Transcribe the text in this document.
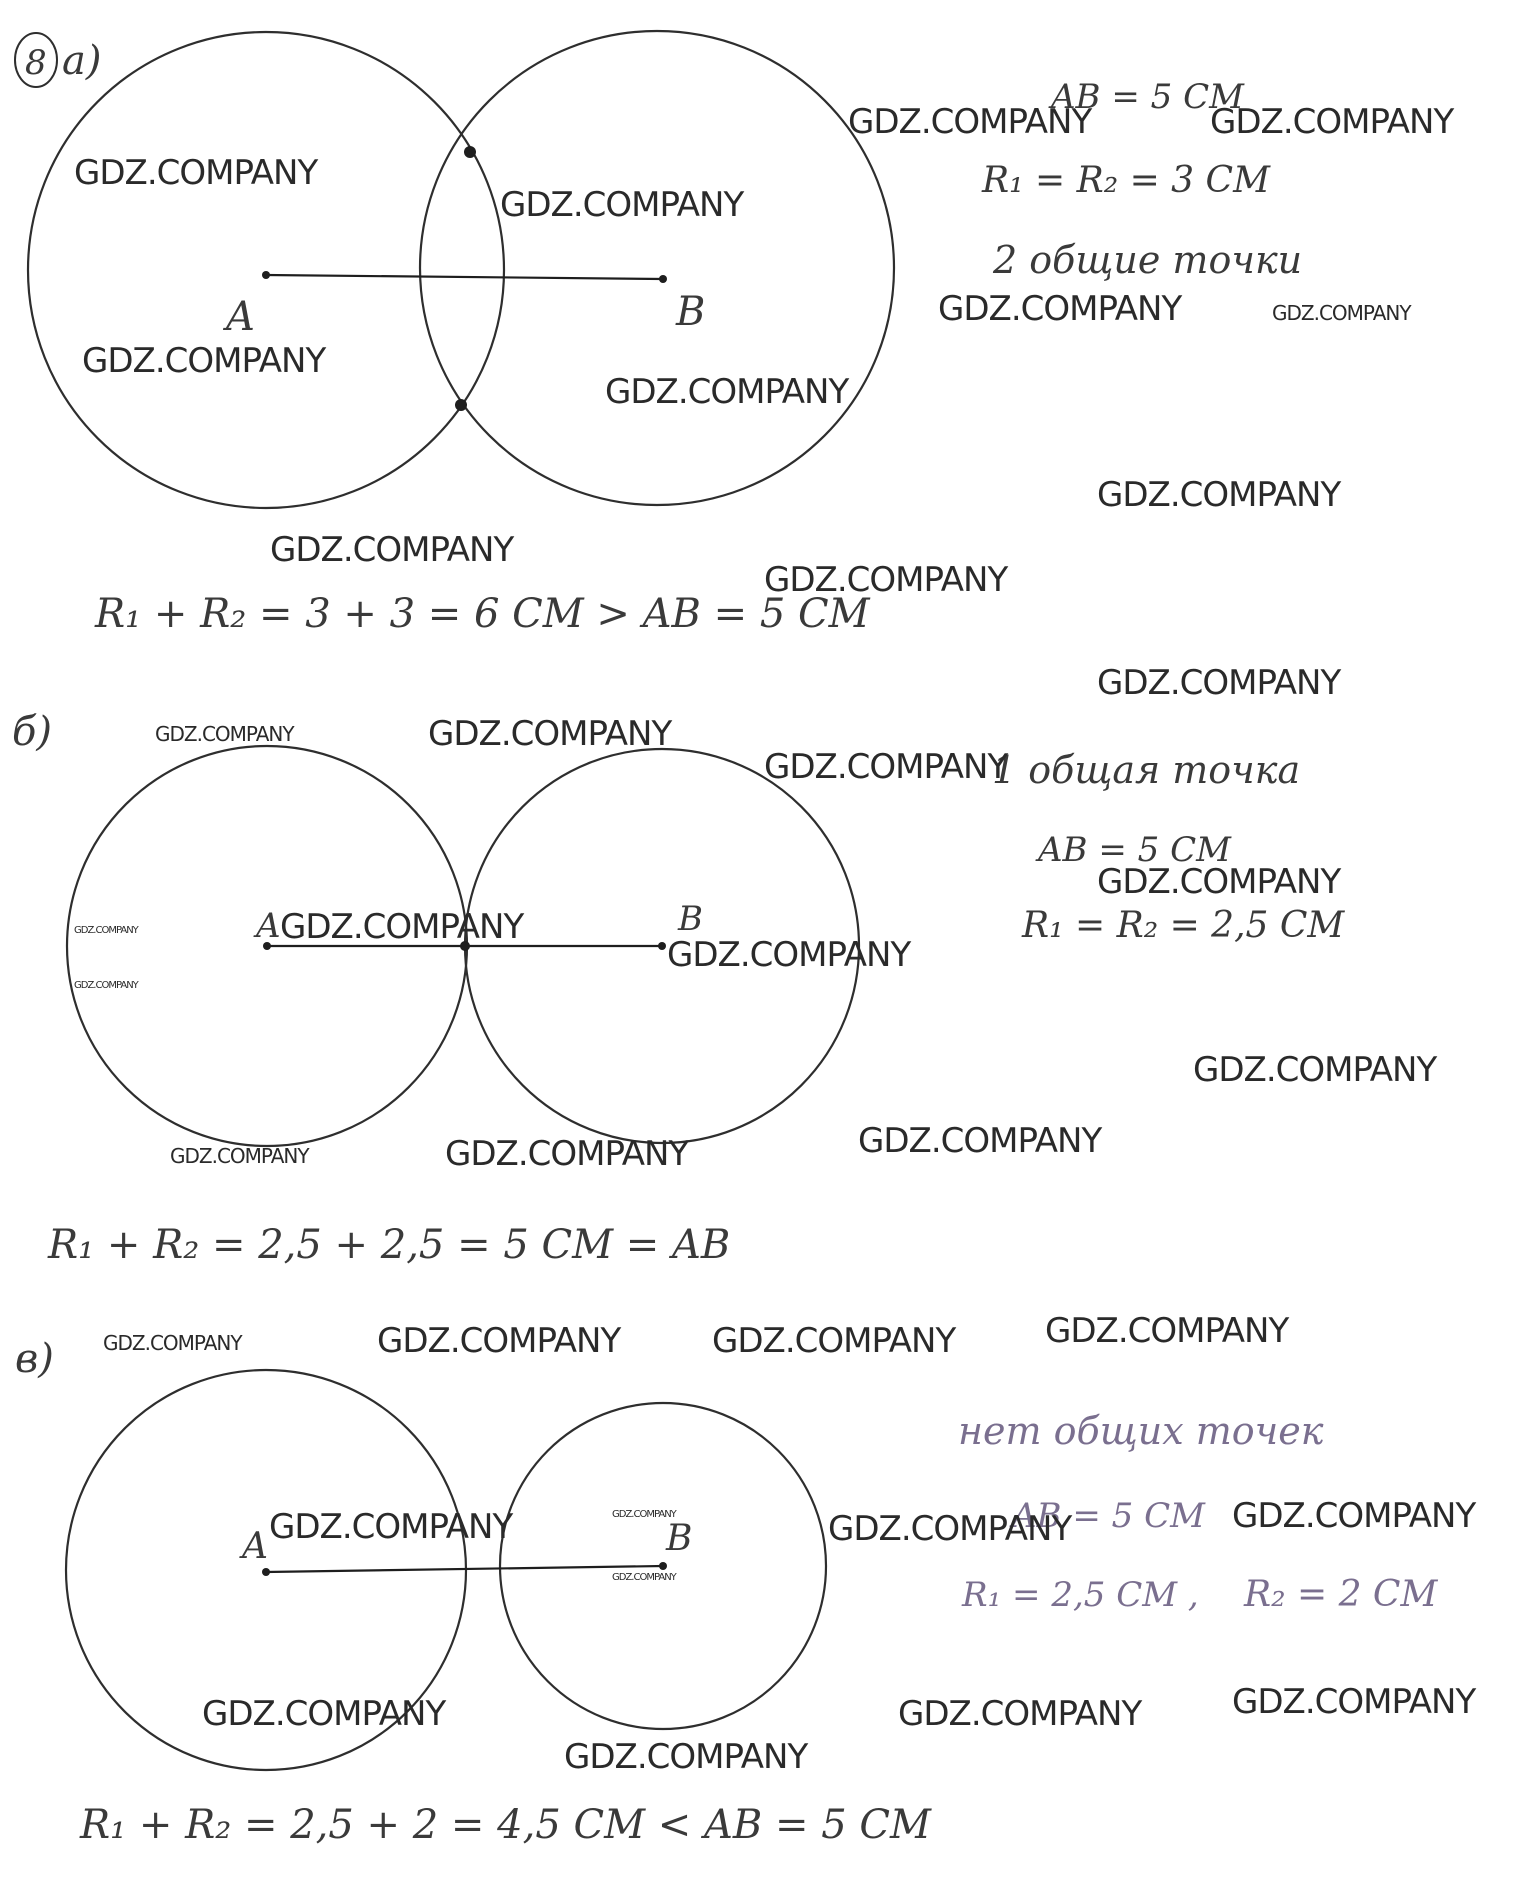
8 а)
A	B
AB = 5 CM
R₁ = R₂ = 3 CM
2 общие точки
R₁ + R₂ = 3 + 3 = 6 CM > AB = 5 CM
б)
A	B
1 общая точка
AB = 5 CM
R₁ = R₂ = 2,5 CM
R₁ + R₂ = 2,5 + 2,5 = 5 CM = AB
в)
A	B
нет общих точек
AB = 5 CM
R₁ = 2,5 CM , R₂ = 2 CM
R₁ + R₂ = 2,5 + 2 = 4,5 CM < AB = 5 CM
GDZ.COMPANY	GDZ.COMPANY
GDZ.COMPANY
GDZ.COMPANY
GDZ.COMPANY	GDZ.COMPANY
GDZ.COMPANY
GDZ.COMPANY
GDZ.COMPANY
GDZ.COMPANY
GDZ.COMPANY
GDZ.COMPANY
GDZ.COMPANY	GDZ.COMPANY
GDZ.COMPANY
GDZ.COMPANY
GDZ.COMPANY	GDZ.COMPANY
GDZ.COMPANY
GDZ.COMPANY
GDZ.COMPANY
GDZ.COMPANY
GDZ.COMPANY	GDZ.COMPANY
GDZ.COMPANY	GDZ.COMPANY	GDZ.COMPANY	GDZ.COMPANY
GDZ.COMPANY	GDZ.COMPANY	GDZ.COMPANY	GDZ.COMPANY
GDZ.COMPANY
GDZ.COMPANY	GDZ.COMPANY	GDZ.COMPANY
GDZ.COMPANY
